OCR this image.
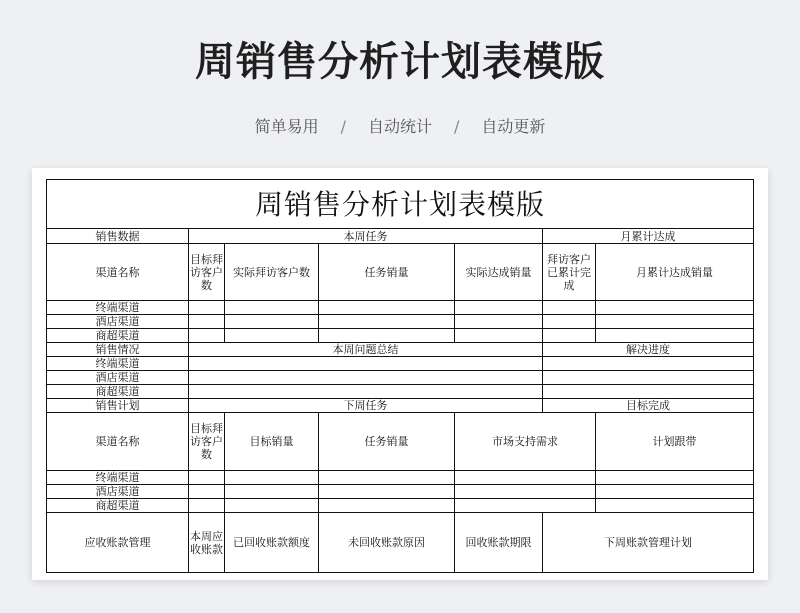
周销售分析计划表模版
简单易用 / 自动统计 / 自动更新
周销售分析计划表模版						
销售数据	本周任务				月累计达成	
渠道名称	目标拜访客户数	实际拜访客户数	任务销量	实际达成销量	拜访客户已累计完成	月累计达成销量
终端渠道						
酒店渠道						
商超渠道						
销售情况	本周问题总结				解决进度	
终端渠道						
酒店渠道						
商超渠道						
销售计划	下周任务				目标完成	
渠道名称	目标拜访客户数	目标销量	任务销量	市场支持需求		计划跟带
终端渠道						
酒店渠道						
商超渠道						
应收账款管理	本周应收账款	已回收账款额度	未回收账款原因	回收账款期限	下周账款管理计划	
